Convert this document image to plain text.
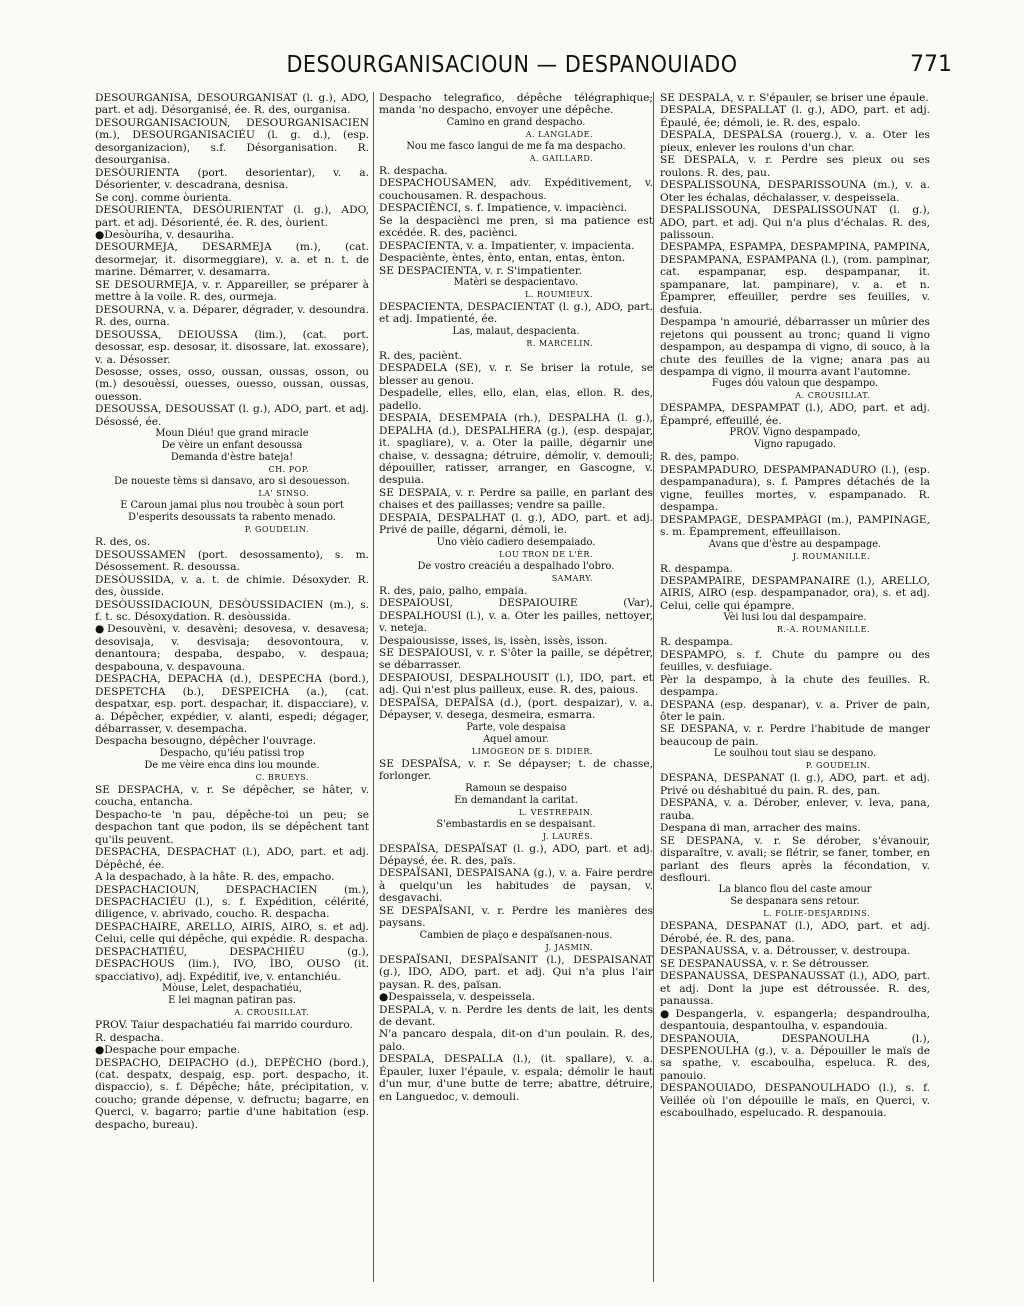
DESOURGANISACIOUN — DESPANOUIADO	771

DESOURGANISA, DESOURGANISAT (l. g.), ADO, part. et adj. Désorganisé, ée. R. des, ourganisa.

DESOURGANISACIOUN, DESOURGANISACIEN (m.), DESOURGANISACIÉU (l. g. d.), (esp. desorganizacion), s.f. Désorganisation. R. desourganisa.

DESÒURIENTA (port. desorientar), v. a. Désorienter, v. descadrana, desnisa.

Se conj. comme òurienta.

DESÒURIENTA, DESÒURIENTAT (l. g.), ADO, part. et adj. Désorienté, ée. R. des, òurient.

●Desòuriha, v. desauriha.

DESOURMEJA, DESARMEJA (m.), (cat. desormejar, it. disormeggiare), v. a. et n. t. de marine. Démarrer, v. desamarra.

SE DESOURMEJA, v. r. Appareiller, se préparer à mettre à la voile. R. des, ourmeja.

DESOURNA, v. a. Déparer, dégrader, v. desoundra. R. des, ourna.

DESOUSSA, DEIOUSSA (lim.), (cat. port. desossar, esp. desosar, it. disossare, lat. exossare), v. a. Désosser.

Desosse, osses, osso, oussan, oussas, osson, ou (m.) desouèssi, ouesses, ouesso, oussan, oussas, ouesson.

DESOUSSA, DESOUSSAT (l. g.), ADO, part. et adj. Désossé, ée.

Moun Diéu! que grand miracle

De vèire un enfant desoussa

Demanda d'èstre bateja!

CH. POP.

De noueste tèms si dansavo, aro si desouesson.

LA' SINSO.

E Caroun jamai plus nou troubèc à soun port

D'esperits desoussats ta rabento menado.

P. GOUDELIN.

R. des, os.

DESOUSSAMEN (port. desossamento), s. m. Désossement. R. desoussa.

DESÒUSSIDA, v. a. t. de chimie. Désoxyder. R. des, òusside.

DESÒUSSIDACIOUN, DESÒUSSIDACIEN (m.), s. f. t. sc. Désoxydation. R. desòussida.

●Desouvèni, v. desavèni; desovesa, v. desavesa; desovisaja, v. desvisaja; desovontoura, v. denantoura; despaba, despabo, v. despaua; despabouna, v. despavouna.

DESPACHA, DEPACHA (d.), DESPECHA (bord.), DESPETCHA (b.), DESPEICHA (a.), (cat. despatxar, esp. port. despachar, it. dispacciare), v. a. Dépêcher, expédier, v. alanti, espedi; dégager, débarrasser, v. desempacha.

Despacha besougno, dépêcher l'ouvrage.

Despacho, qu'iéu patissi trop

De me vèire enca dins lou mounde.

C. BRUEYS.

SE DESPACHA, v. r. Se dépêcher, se hâter, v. coucha, entancha.

Despacho-te 'n pau, dépêche-toi un peu; se despachon tant que podon, ils se dépêchent tant qu'ils peuvent.

DESPACHA, DESPACHAT (l.), ADO, part. et adj. Dépêché, ée.

A la despachado, à la hâte. R. des, empacho.

DESPACHACIOUN, DESPACHACIEN (m.), DESPACHACIÉU (l.), s. f. Expédition, célérité, diligence, v. abrivado, coucho. R. despacha.

DESPACHAIRE, ARELLO, AIRIS, AIRO, s. et adj. Celui, celle qui dépêche, qui expédie. R. despacha.

DESPACHATIÉU, DESPACHIÉU (g.), DESPACHOUS (lim.), IVO, ÌBO, OUSO (it. spacciativo), adj. Expéditif, ive, v. entanchiéu.

Mòuse, Lelet, despachatiéu,

E lei magnan patiran pas.

A. CROUSILLAT.

PROV. Taiur despachatiéu fai marrido courduro.

R. despacha.

●Despache pour empache.

DESPACHO, DEIPACHO (d.), DEPÈCHO (bord.), (cat. despatx, despaig, esp. port. despacho, it. dispaccio), s. f. Dépêche; hâte, précipitation, v. coucho; grande dépense, v. defructu; bagarre, en Querci, v. bagarro; partie d'une habitation (esp. despacho, bureau).

Despacho telegrafico, dépêche télégraphique; manda 'no despacho, envoyer une dépêche.

Camino en grand despacho.

A. LANGLADE.

Nou me fasco langui de me fa ma despacho.

A. GAILLARD.

R. despacha.

DESPACHOUSAMEN, adv. Expéditivement, v. couchousamen. R. despachous.

DESPACIÈNCI, s. f. Impatience, v. impaciènci.

Se la despaciènci me pren, si ma patience est excédée. R. des, paciènci.

DESPACIENTA, v. a. Impatienter, v. impacienta.

Despaciènte, èntes, ènto, entan, entas, ènton.

SE DESPACIENTA, v. r. S'impatienter.

Matèri se despacientavo.

L. ROUMIEUX.

DESPACIENTA, DESPACIENTAT (l. g.), ADO, part. et adj. Impatienté, ée.

Las, malaut, despacienta.

R. MARCELIN.

R. des, paciènt.

DESPADELA (SE), v. r. Se briser la rotule, se blesser au genou.

Despadelle, elles, ello, elan, elas, ellon. R. des, padello.

DESPAIA, DESEMPAIA (rh.), DESPALHA (l. g.), DEPALHA (d.), DESPALHERA (g.), (esp. despajar, it. spagliare), v. a. Oter la paille, dégarnir une chaise, v. dessagna; détruire, démolir, v. demouli; dépouiller, ratisser, arranger, en Gascogne, v. despuia.

SE DESPAIA, v. r. Perdre sa paille, en parlant des chaises et des paillasses; vendre sa paille.

DESPAIA, DESPALHAT (l. g.), ADO, part. et adj. Privé de paille, dégarni, démoli, ie.

Uno vièio cadiero desempaiado.

LOU TRON DE L'ÈR.

De vostro creaciéu a despalhado l'obro.

SAMARY.

R. des, paio, palho, empaia.

DESPAIOUSI, DESPAIOUIRE (Var), DESPALHOUSI (l.), v. a. Oter les pailles, nettoyer, v. neteja.

Despaiousisse, isses, is, issèn, issès, isson.

SE DESPAIOUSI, v. r. S'ôter la paille, se dépêtrer, se débarrasser.

DESPAIOUSI, DESPALHOUSIT (l.), IDO, part. et adj. Qui n'est plus pailleux, euse. R. des, paious.

DESPAÏSA, DEPAÏSA (d.), (port. despaizar), v. a. Dépayser, v. desega, desmeira, esmarra.

Parte, vole despaisa

Aquel amour.

LIMOGEON DE S. DIDIER.

SE DESPAÏSA, v. r. Se dépayser; t. de chasse, forlonger.

Ramoun se despaiso

En demandant la caritat.

L. VESTREPAIN.

S'embastardis en se despaisant.

J. LAURÈS.

DESPAÏSA, DESPAÏSAT (l. g.), ADO, part. et adj. Dépaysé, ée. R. des, païs.

DESPAÏSANI, DESPAISANA (g.), v. a. Faire perdre à quelqu'un les habitudes de paysan, v. desgavachi.

SE DESPAÏSANI, v. r. Perdre les manières des paysans.

Cambien de plaço e despaïsanen-nous.

J. JASMIN.

DESPAÏSANI, DESPAÏSANIT (l.), DESPAISANAT (g.), IDO, ADO, part. et adj. Qui n'a plus l'air paysan. R. des, païsan.

●Despaissela, v. despeissela.

DESPALA, v. n. Perdre les dents de lait, les dents de devant.

N'a pancaro despala, dit-on d'un poulain. R. des, palo.

DESPALA, DESPALLA (l.), (it. spallare), v. a. Épauler, luxer l'épaule, v. espala; démolir le haut d'un mur, d'une butte de terre; abattre, détruire, en Languedoc, v. demouli.

SE DESPALA, v. r. S'épauler, se briser une épaule.

DESPALA, DESPALLAT (l. g.), ADO, part. et adj. Épaulé, ée; démoli, ie. R. des, espalo.

DESPALA, DESPALSA (rouerg.), v. a. Oter les pieux, enlever les roulons d'un char.

SE DESPALA, v. r. Perdre ses pieux ou ses roulons. R. des, pau.

DESPALISSOUNA, DESPARISSOUNA (m.), v. a. Oter les échalas, déchalasser, v. despeissela.

DESPALISSOUNA, DESPALISSOUNAT (l. g.), ADO, part. et adj. Qui n'a plus d'échalas. R. des, palissoun.

DESPAMPA, ESPAMPA, DESPAMPINA, PAMPINA, DESPAMPANA, ESPAMPANA (l.), (rom. pampinar, cat. espampanar, esp. despampanar, it. spampanare, lat. pampinare), v. a. et n. Épamprer, effeuiller, perdre ses feuilles, v. desfuia.

Despampa 'n amourié, débarrasser un mûrier des rejetons qui poussent au tronc; quand li vigno despampon, au despampa di vigno, di souco, à la chute des feuilles de la vigne; anara pas au despampa di vigno, il mourra avant l'automne.

Fuges dóu valoun que despampo.

A. CROUSILLAT.

DESPAMPA, DESPAMPAT (l.), ADO, part. et adj. Épampré, effeuillé, ée.

PROV. Vigno despampado,

Vigno rapugado.

R. des, pampo.

DESPAMPADURO, DESPAMPANADURO (l.), (esp. despampanadura), s. f. Pampres détachés de la vigne, feuilles mortes, v. espampanado. R. despampa.

DESPAMPAGE, DESPAMPÀGI (m.), PAMPINAGE, s. m. Épamprement, effeuillaison.

Avans que d'èstre au despampage.

J. ROUMANILLE.

R. despampa.

DESPAMPAIRE, DESPAMPANAIRE (l.), ARELLO, AIRIS, AIRO (esp. despampanador, ora), s. et adj. Celui, celle qui épampre.

Vèi lusi lou dal despampaire.

R.-A. ROUMANILLE.

R. despampa.

DESPAMPO, s. f. Chute du pampre ou des feuilles, v. desfuiage.

Pèr la despampo, à la chute des feuilles. R. despampa.

DESPANA (esp. despanar), v. a. Priver de pain, ôter le pain.

SE DESPANA, v. r. Perdre l'habitude de manger beaucoup de pain.

Le soulhou tout siau se despano.

P. GOUDELIN.

DESPANA, DESPANAT (l. g.), ADO, part. et adj. Privé ou déshabitué du pain. R. des, pan.

DESPANA, v. a. Dérober, enlever, v. leva, pana, rauba.

Despana di man, arracher des mains.

SE DESPANA, v. r. Se dérober, s'évanouir, disparaître, v. avali; se flétrir, se faner, tomber, en parlant des fleurs après la fécondation, v. desflouri.

La blanco flou del caste amour

Se despanara sens retour.

L. FOLIE-DESJARDINS.

DESPANA, DESPANAT (l.), ADO, part. et adj. Dérobé, ée. R. des, pana.

DESPANAUSSA, v. a. Détrousser, v. destroupa.

SE DESPANAUSSA, v. r. Se détrousser.

DESPANAUSSA, DESPANAUSSAT (l.), ADO, part. et adj. Dont la jupe est détroussée. R. des, panaussa.

●Despangerla, v. espangerla; despandroulha, despantouia, despantoulha, v. espandouia.

DESPANOUIA, DESPANOULHA (l.), DESPENOULHA (g.), v. a. Dépouiller le maïs de sa spathe, v. escaboulha, espeluca. R. des, panouio.

DESPANOUIADO, DESPANOULHADO (l.), s. f. Veillée où l'on dépouille le maïs, en Querci, v. escaboulhado, espelucado. R. despanouia.
